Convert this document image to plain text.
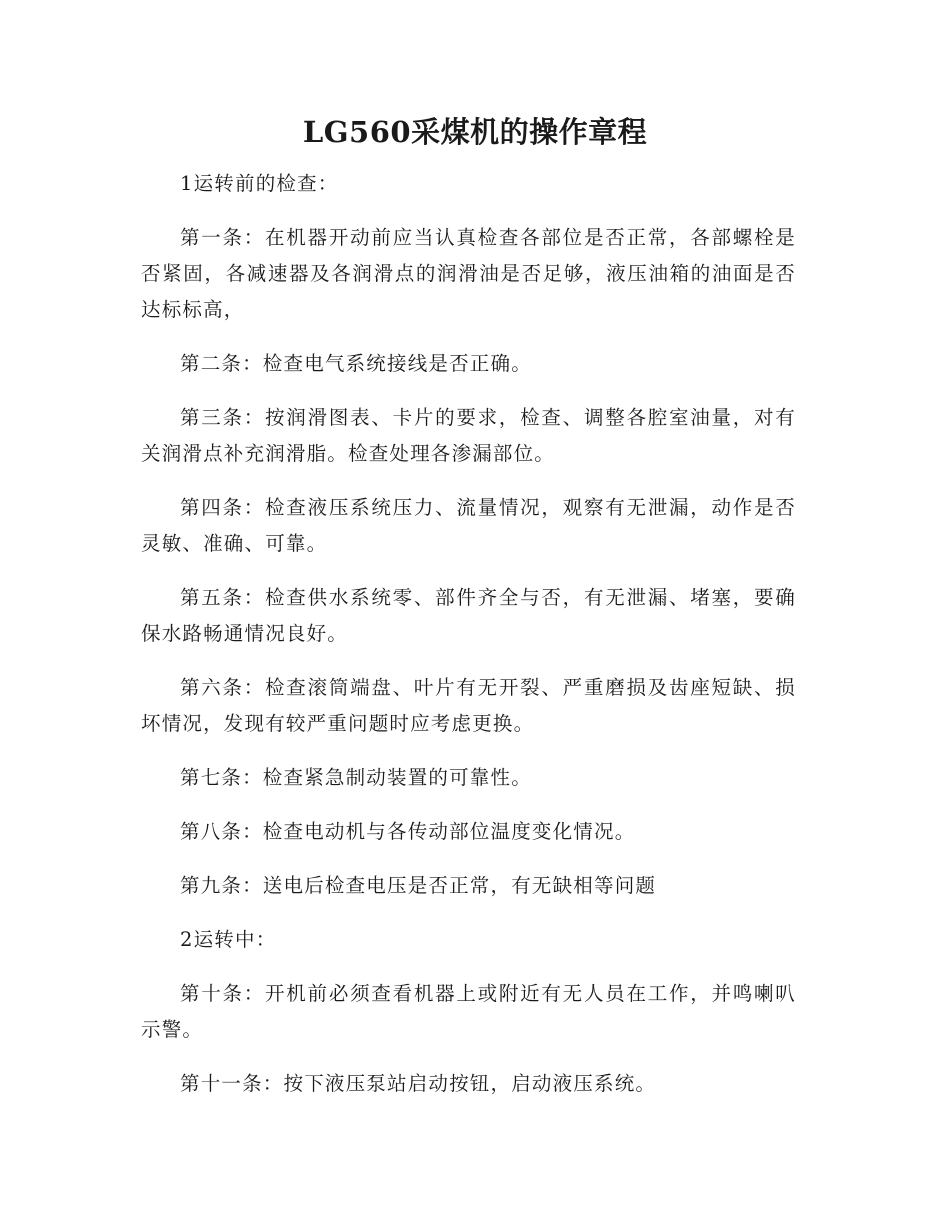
LG560采煤机的操作章程

1运转前的检查：

第一条：在机器开动前应当认真检查各部位是否正常，各部螺栓是否紧固，各减速器及各润滑点的润滑油是否足够，液压油箱的油面是否达标标高，

第二条：检查电气系统接线是否正确。

第三条：按润滑图表、卡片的要求，检查、调整各腔室油量，对有关润滑点补充润滑脂。检查处理各渗漏部位。

第四条：检查液压系统压力、流量情况，观察有无泄漏，动作是否灵敏、准确、可靠。

第五条：检查供水系统零、部件齐全与否，有无泄漏、堵塞，要确保水路畅通情况良好。

第六条：检查滚筒端盘、叶片有无开裂、严重磨损及齿座短缺、损坏情况，发现有较严重问题时应考虑更换。

第七条：检查紧急制动装置的可靠性。

第八条：检查电动机与各传动部位温度变化情况。

第九条：送电后检查电压是否正常，有无缺相等问题

2运转中：

第十条：开机前必须查看机器上或附近有无人员在工作，并鸣喇叭示警。

第十一条：按下液压泵站启动按钮，启动液压系统。
